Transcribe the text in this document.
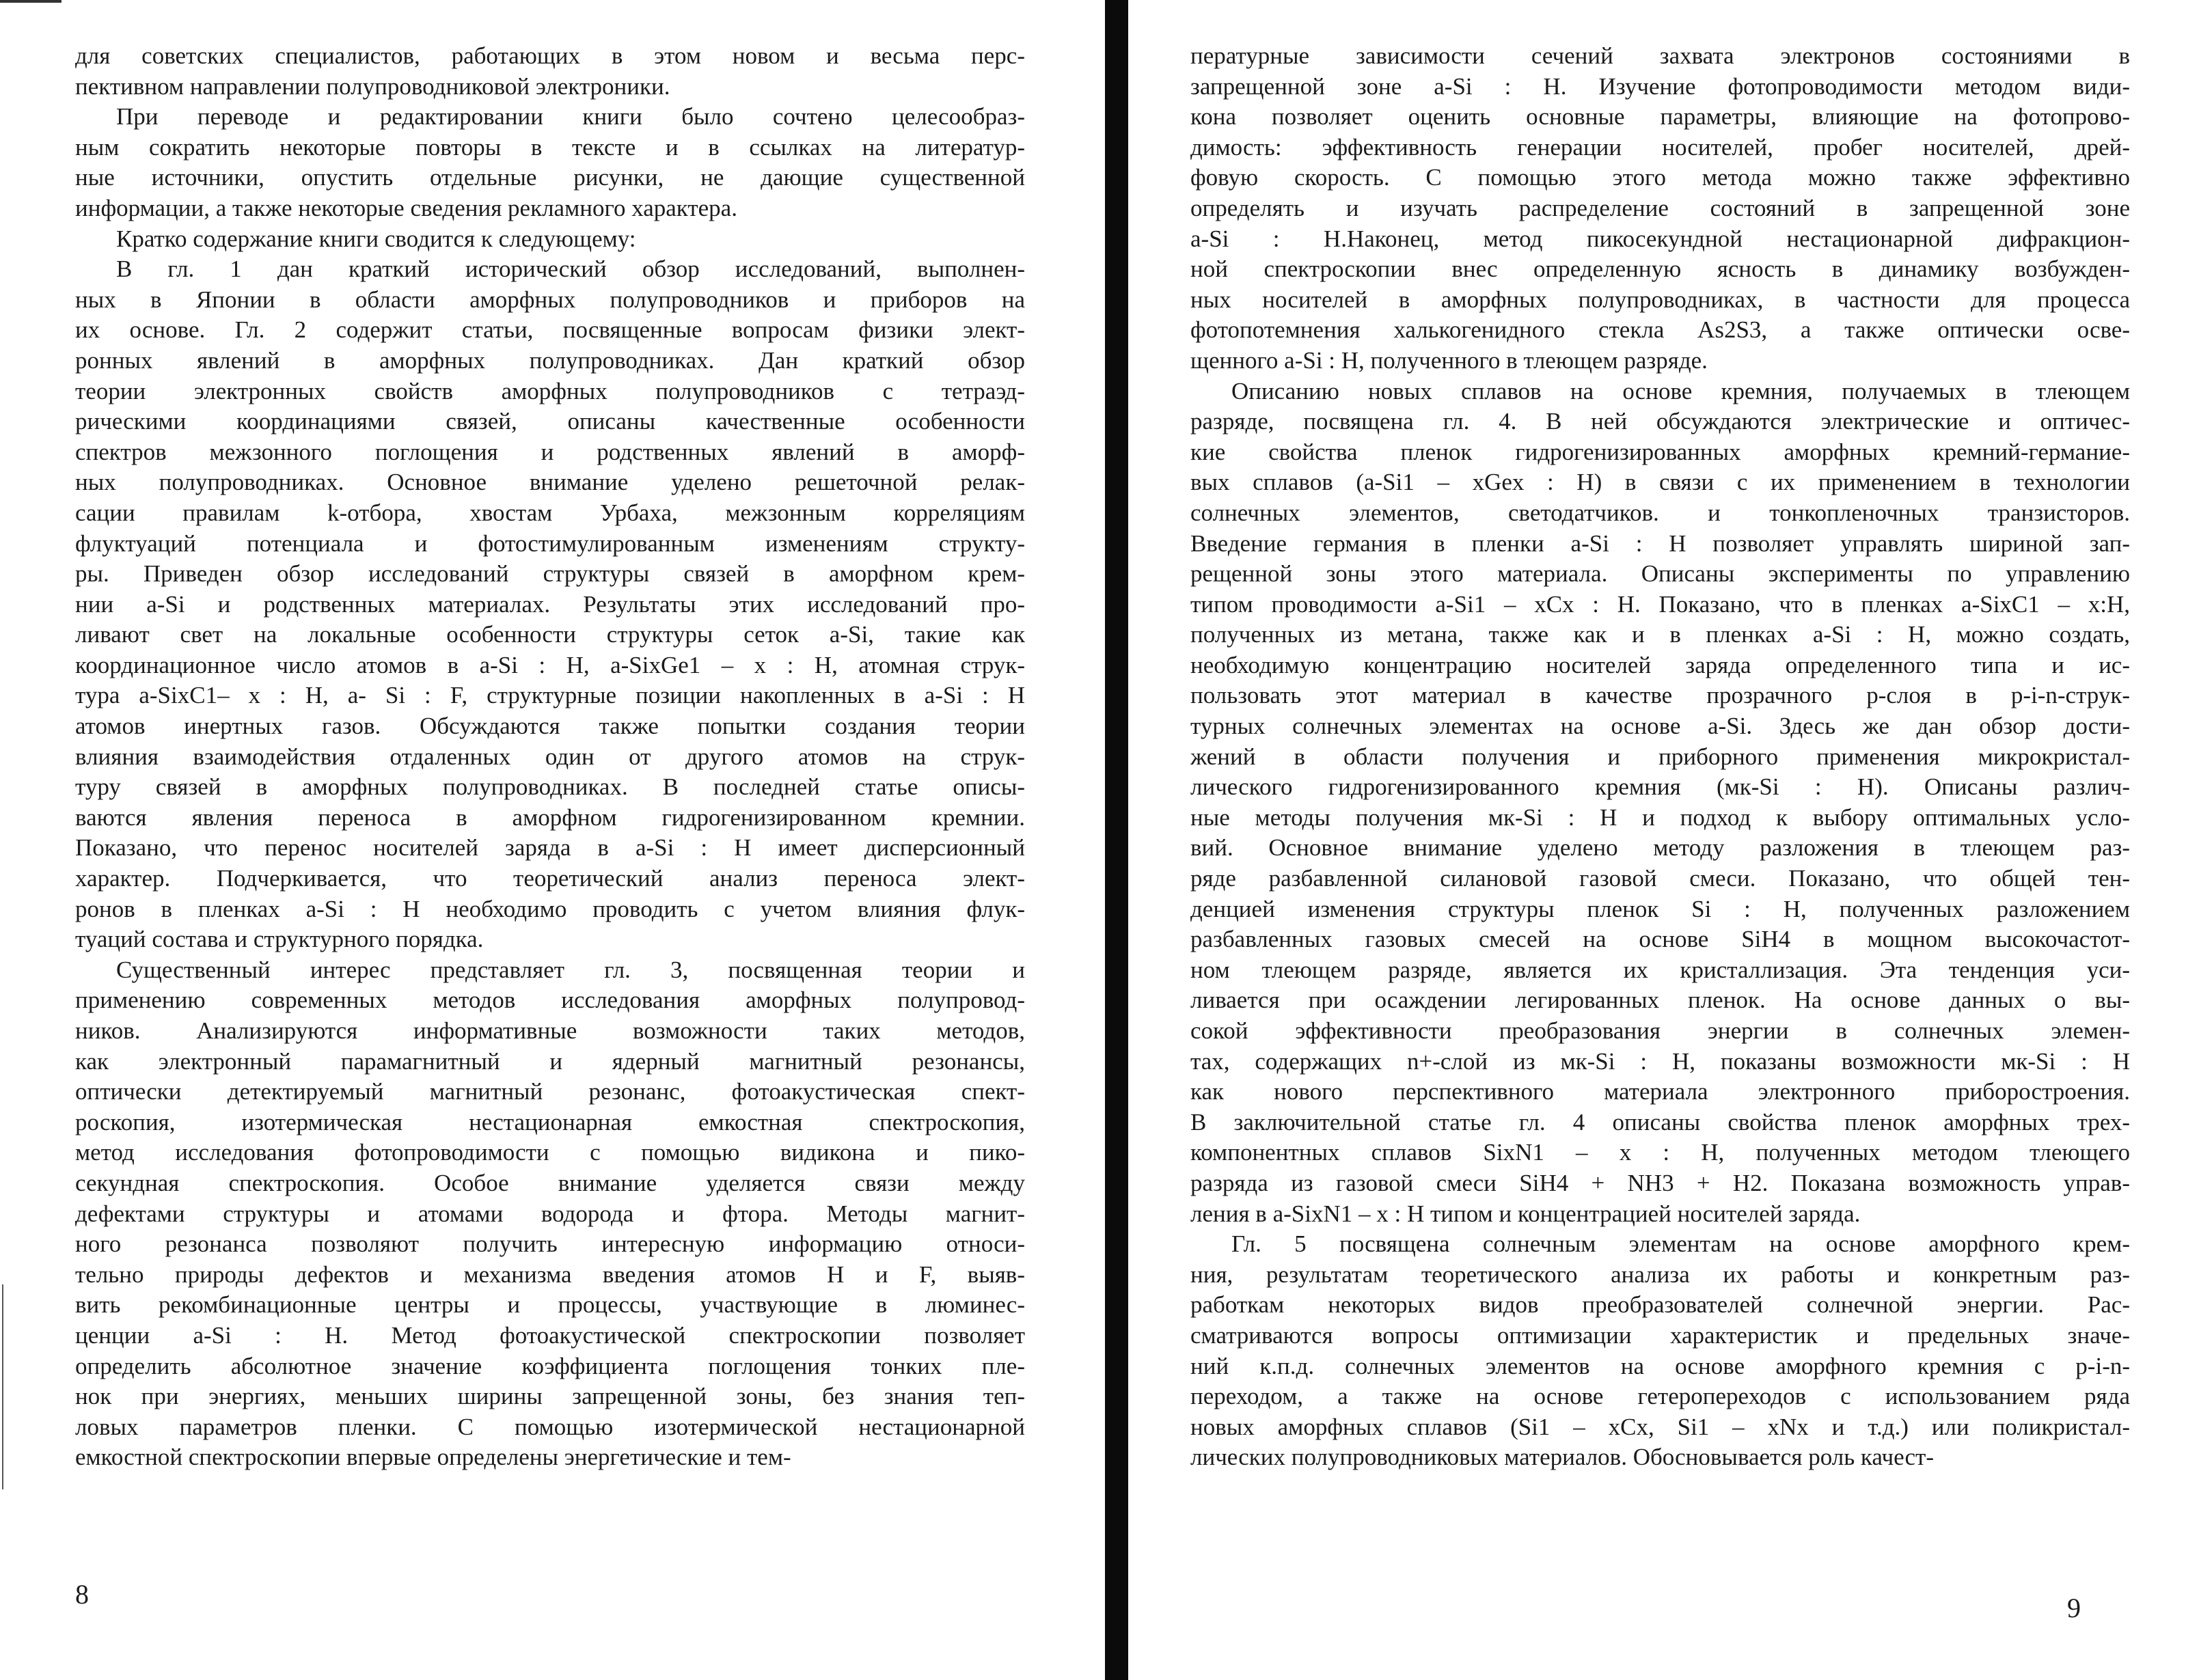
для советских специалистов, работающих в этом новом и весьма перс-
пективном направлении полупроводниковой электроники.
При переводе и редактировании книги было сочтено целесообраз-
ным сократить некоторые повторы в тексте и в ссылках на литератур-
ные источники, опустить отдельные рисунки, не дающие существенной
информации, а также некоторые сведения рекламного характера.
Кратко содержание книги сводится к следующему:
В гл. 1 дан краткий исторический обзор исследований, выполнен-
ных в Японии в области аморфных полупроводников и приборов на
их основе. Гл. 2 содержит статьи, посвященные вопросам физики элект-
ронных явлений в аморфных полупроводниках. Дан краткий обзор
теории электронных свойств аморфных полупроводников с тетраэд-
рическими координациями связей, описаны качественные особенности
спектров межзонного поглощения и родственных явлений в аморф-
ных полупроводниках. Основное внимание уделено решеточной релак-
сации правилам k-отбора, хвостам Урбаха, межзонным корреляциям
флуктуаций потенциала и фотостимулированным изменениям структу-
ры. Приведен обзор исследований структуры связей в аморфном крем-
нии a-Si и родственных материалах. Результаты этих исследований про-
ливают свет на локальные особенности структуры сеток a-Si, такие как
координационное число атомов в a-Si : H, a-SixGe1 – x : H, атомная струк-
тура a-SixC1– x : H, a- Si : F, структурные позиции накопленных в a-Si : H
атомов инертных газов. Обсуждаются также попытки создания теории
влияния взаимодействия отдаленных один от другого атомов на струк-
туру связей в аморфных полупроводниках. В последней статье описы-
ваются явления переноса в аморфном гидрогенизированном кремнии.
Показано, что перенос носителей заряда в a-Si : H имеет дисперсионный
характер. Подчеркивается, что теоретический анализ переноса элект-
ронов в пленках a-Si : H необходимо проводить с учетом влияния флук-
туаций состава и структурного порядка.
Существенный интерес представляет гл. 3, посвященная теории и
применению современных методов исследования аморфных полупровод-
ников. Анализируются информативные возможности таких методов,
как электронный парамагнитный и ядерный магнитный резонансы,
оптически детектируемый магнитный резонанс, фотоакустическая спект-
роскопия, изотермическая нестационарная емкостная спектроскопия,
метод исследования фотопроводимости с помощью видикона и пико-
секундная спектроскопия. Особое внимание уделяется связи между
дефектами структуры и атомами водорода и фтора. Методы магнит-
ного резонанса позволяют получить интересную информацию относи-
тельно природы дефектов и механизма введения атомов H и F, выяв-
вить рекомбинационные центры и процессы, участвующие в люминес-
ценции a-Si : H. Метод фотоакустической спектроскопии позволяет
определить абсолютное значение коэффициента поглощения тонких пле-
нок при энергиях, меньших ширины запрещенной зоны, без знания теп-
ловых параметров пленки. С помощью изотермической нестационарной
емкостной спектроскопии впервые определены энергетические и тем-
пературные зависимости сечений захвата электронов состояниями в
запрещенной зоне a-Si : H. Изучение фотопроводимости методом види-
кона позволяет оценить основные параметры, влияющие на фотопрово-
димость: эффективность генерации носителей, пробег носителей, дрей-
фовую скорость. С помощью этого метода можно также эффективно
определять и изучать распределение состояний в запрещенной зоне
a-Si : H.Наконец, метод пикосекундной нестационарной дифракцион-
ной спектроскопии внес определенную ясность в динамику возбужден-
ных носителей в аморфных полупроводниках, в частности для процесса
фотопотемнения халькогенидного стекла As2S3, а также оптически осве-
щенного a-Si : H, полученного в тлеющем разряде.
Описанию новых сплавов на основе кремния, получаемых в тлеющем
разряде, посвящена гл. 4. В ней обсуждаются электрические и оптичес-
кие свойства пленок гидрогенизированных аморфных кремний-германие-
вых сплавов (a-Si1 – xGex : H) в связи с их применением в технологии
солнечных элементов, светодатчиков. и тонкопленочных транзисторов.
Введение германия в пленки a-Si : H позволяет управлять шириной зап-
рещенной зоны этого материала. Описаны эксперименты по управлению
типом проводимости a-Si1 – xCx : H. Показано, что в пленках a-SixC1 – x:H,
полученных из метана, также как и в пленках a-Si : H, можно создать,
необходимую концентрацию носителей заряда определенного типа и ис-
пользовать этот материал в качестве прозрачного p-слоя в p-i-n-струк-
турных солнечных элементах на основе a-Si. Здесь же дан обзор дости-
жений в области получения и приборного применения микрокристал-
лического гидрогенизированного кремния (мк-Si : H). Описаны различ-
ные методы получения мк-Si : H и подход к выбору оптимальных усло-
вий. Основное внимание уделено методу разложения в тлеющем раз-
ряде разбавленной силановой газовой смеси. Показано, что общей тен-
денцией изменения структуры пленок Si : H, полученных разложением
разбавленных газовых смесей на основе SiH4 в мощном высокочастот-
ном тлеющем разряде, является их кристаллизация. Эта тенденция уси-
ливается при осаждении легированных пленок. На основе данных о вы-
сокой эффективности преобразования энергии в солнечных элемен-
тах, содержащих n+-слой из мк-Si : H, показаны возможности мк-Si : H
как нового перспективного материала электронного приборостроения.
В заключительной статье гл. 4 описаны свойства пленок аморфных трех-
компонентных сплавов SixN1 – x : H, полученных методом тлеющего
разряда из газовой смеси SiH4 + NH3 + H2. Показана возможность управ-
ления в a-SixN1 – x : H типом и концентрацией носителей заряда.
Гл. 5 посвящена солнечным элементам на основе аморфного крем-
ния, результатам теоретического анализа их работы и конкретным раз-
работкам некоторых видов преобразователей солнечной энергии. Рас-
сматриваются вопросы оптимизации характеристик и предельных значе-
ний к.п.д. солнечных элементов на основе аморфного кремния с p-i-n-
переходом, а также на основе гетеропереходов с использованием ряда
новых аморфных сплавов (Si1 – xCx, Si1 – xNx и т.д.) или поликристал-
лических полупроводниковых материалов. Обосновывается роль качест-
8	9
